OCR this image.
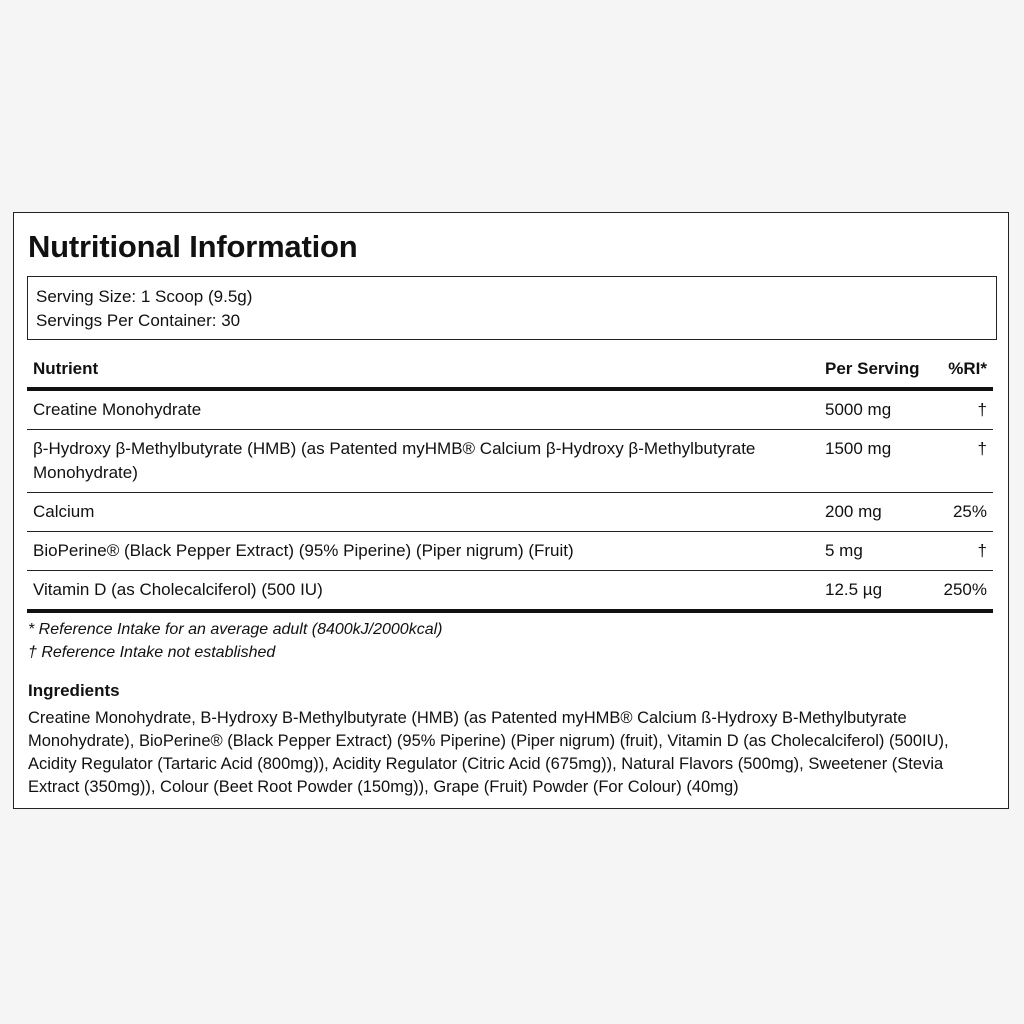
Nutritional Information
Serving Size: 1 Scoop (9.5g)
Servings Per Container: 30
Nutrient	Per Serving	%RI*
Creatine Monohydrate	5000 mg	†
β-Hydroxy β-Methylbutyrate (HMB) (as Patented myHMB® Calcium β-Hydroxy β-Methylbutyrate Monohydrate)	1500 mg	†
Calcium	200 mg	25%
BioPerine® (Black Pepper Extract) (95% Piperine) (Piper nigrum) (Fruit)	5 mg	†
Vitamin D (as Cholecalciferol) (500 IU)	12.5 µg	250%
* Reference Intake for an average adult (8400kJ/2000kcal)
† Reference Intake not established
Ingredients
Creatine Monohydrate, B-Hydroxy B-Methylbutyrate (HMB) (as Patented myHMB® Calcium ß-Hydroxy B-Methylbutyrate Monohydrate), BioPerine® (Black Pepper Extract) (95% Piperine) (Piper nigrum) (fruit), Vitamin D (as Cholecalciferol) (500IU), Acidity Regulator (Tartaric Acid (800mg)), Acidity Regulator (Citric Acid (675mg)), Natural Flavors (500mg), Sweetener (Stevia Extract (350mg)), Colour (Beet Root Powder (150mg)), Grape (Fruit) Powder (For Colour) (40mg)
